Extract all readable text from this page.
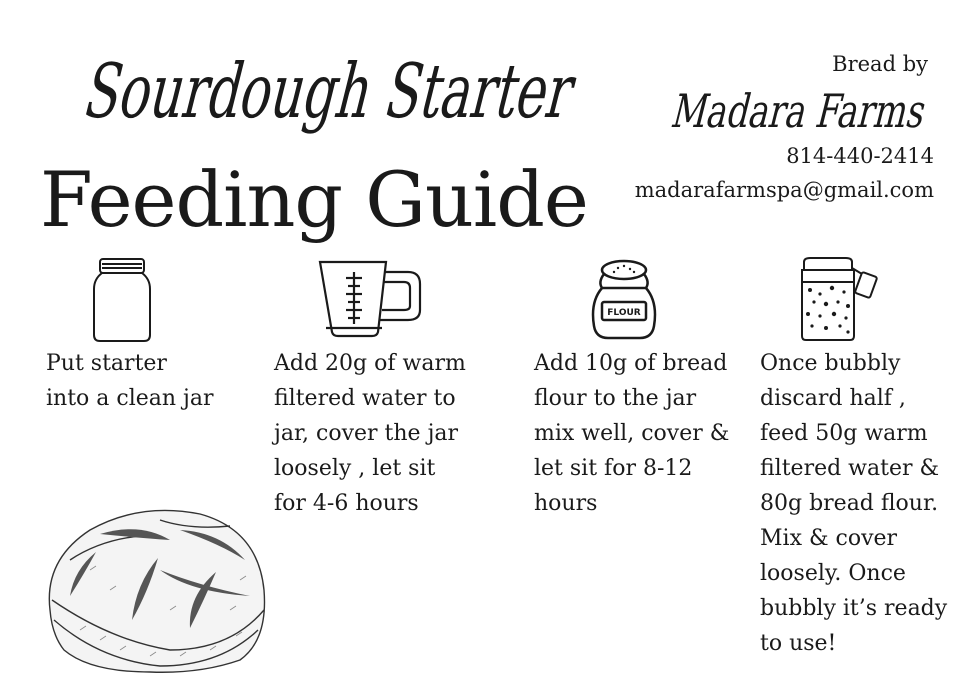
Sourdough Starter
Feeding Guide
Bread by
Madara Farms
814-440-2414
madarafarmspa@gmail.com
FLOUR
Put starter
into a clean jar
Add 20g of warm
filtered water to
jar, cover the jar
loosely , let sit
for 4-6 hours
Add 10g of bread
flour to the jar
mix well, cover &
let sit for 8-12
hours
Once bubbly
discard half ,
feed 50g warm
filtered water &
80g bread flour.
Mix & cover
loosely. Once
bubbly it’s ready
to use!
